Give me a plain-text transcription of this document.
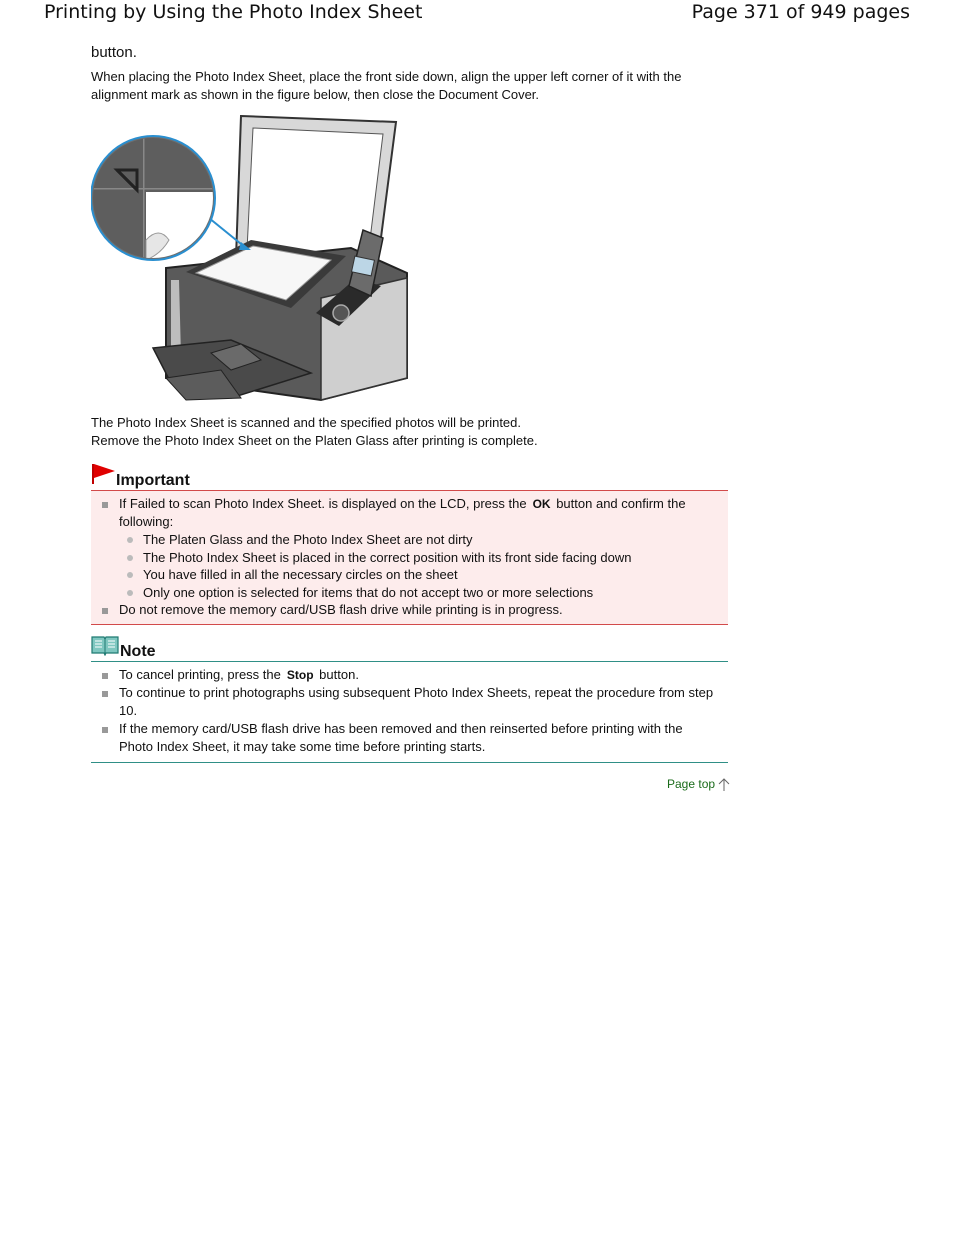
Printing by Using the Photo Index Sheet	Page 371 of 949 pages

button.

When placing the Photo Index Sheet, place the front side down, align the upper left corner of it with the alignment mark as shown in the figure below, then close the Document Cover.

The Photo Index Sheet is scanned and the specified photos will be printed.

Remove the Photo Index Sheet on the Platen Glass after printing is complete.

Important
If Failed to scan Photo Index Sheet. is displayed on the LCD, press the OK button and confirm the following:
The Platen Glass and the Photo Index Sheet are not dirty
The Photo Index Sheet is placed in the correct position with its front side facing down
You have filled in all the necessary circles on the sheet
Only one option is selected for items that do not accept two or more selections
Do not remove the memory card/USB flash drive while printing is in progress.
Note
To cancel printing, press the Stop button.
To continue to print photographs using subsequent Photo Index Sheets, repeat the procedure from step 10.
If the memory card/USB flash drive has been removed and then reinserted before printing with the Photo Index Sheet, it may take some time before printing starts.
Page top
